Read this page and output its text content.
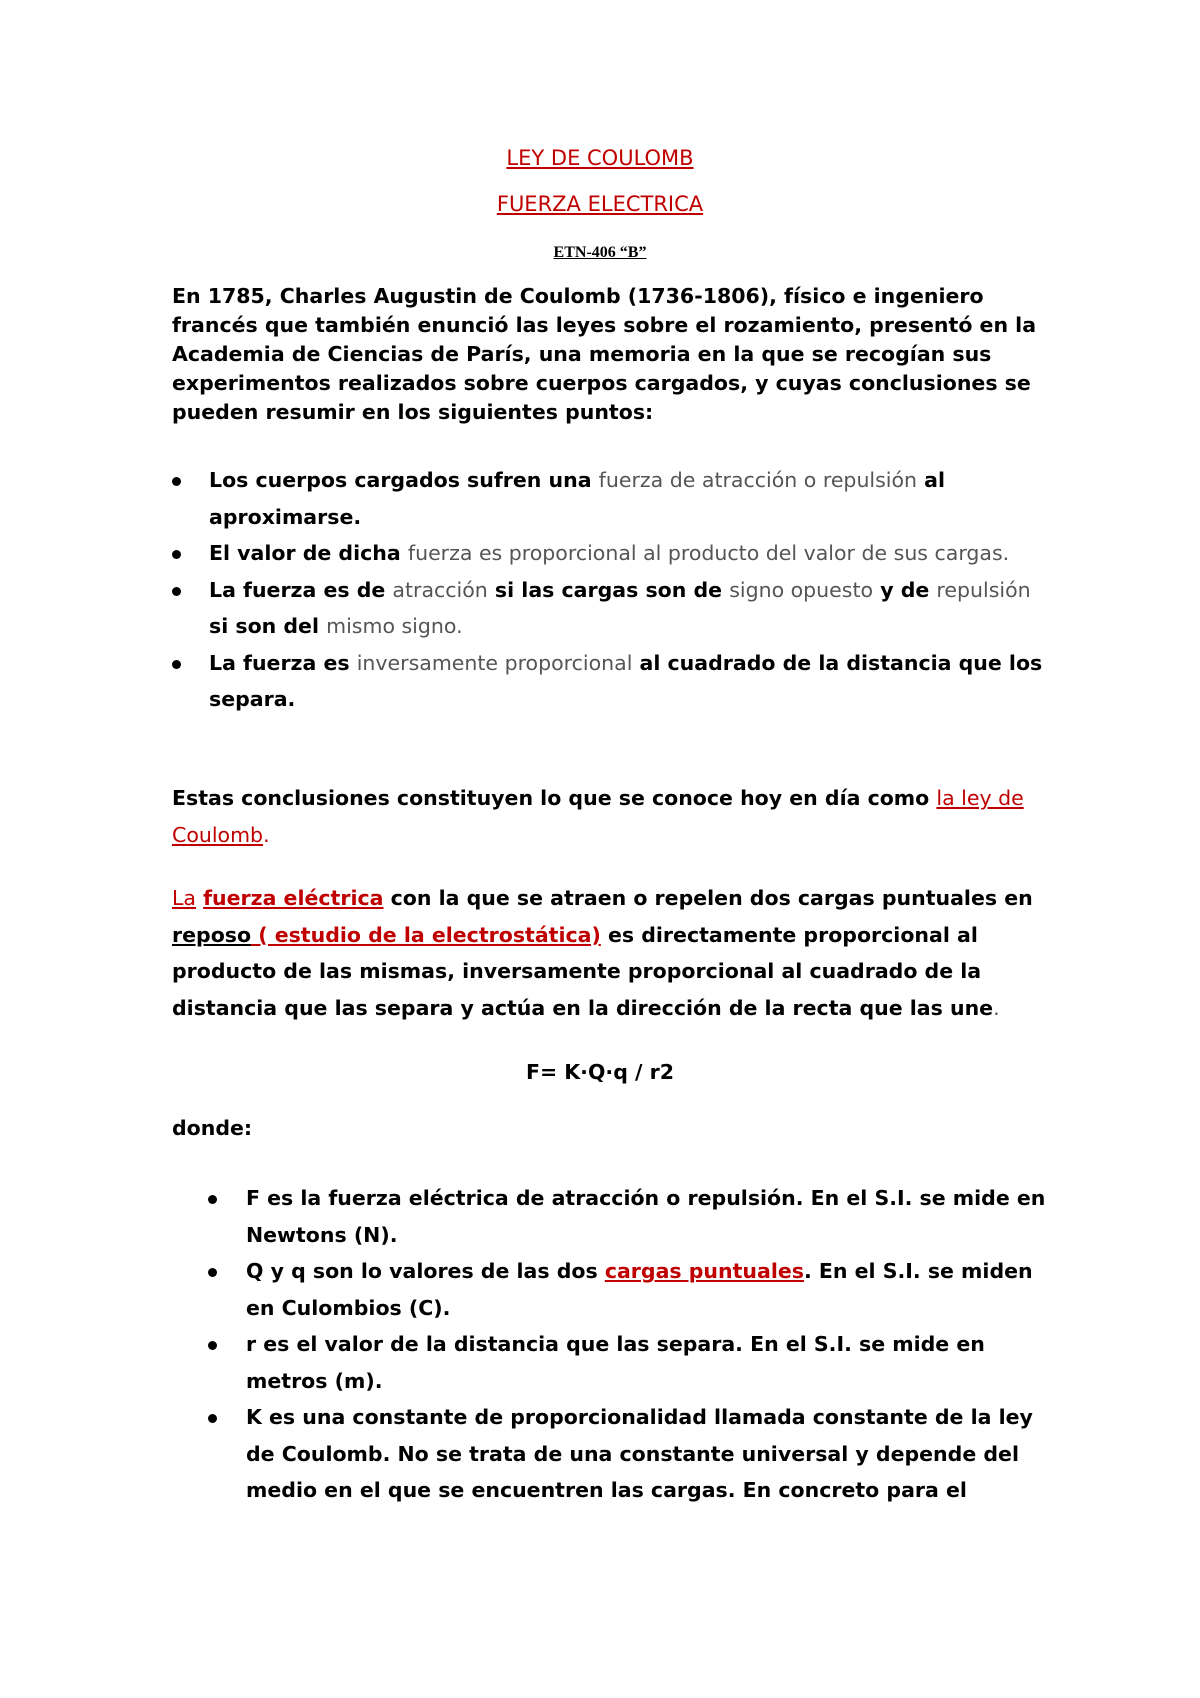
LEY DE COULOMB
FUERZA ELECTRICA
ETN-406 “B”
En 1785, Charles Augustin de Coulomb (1736-1806), físico e ingeniero francés que también enunció las leyes sobre el rozamiento, presentó en la Academia de Ciencias de París, una memoria en la que se recogían sus experimentos realizados sobre cuerpos cargados, y cuyas conclusiones se pueden resumir en los siguientes puntos:
Los cuerpos cargados sufren una fuerza de atracción o repulsión al aproximarse.
El valor de dicha fuerza es proporcional al producto del valor de sus cargas.
La fuerza es de atracción si las cargas son de signo opuesto y de repulsión si son del mismo signo.
La fuerza es inversamente proporcional al cuadrado de la distancia que los separa.
Estas conclusiones constituyen lo que se conoce hoy en día como la ley de Coulomb.
La fuerza eléctrica con la que se atraen o repelen dos cargas puntuales en reposo ( estudio de la electrostática) es directamente proporcional al producto de las mismas, inversamente proporcional al cuadrado de la distancia que las separa y actúa en la dirección de la recta que las une.
F= K·Q·q / r2
donde:
F es la fuerza eléctrica de atracción o repulsión. En el S.I. se mide en Newtons (N).
Q y q son lo valores de las dos cargas puntuales. En el S.I. se miden en Culombios (C).
r es el valor de la distancia que las separa. En el S.I. se mide en metros (m).
K es una constante de proporcionalidad llamada constante de la ley de Coulomb. No se trata de una constante universal y depende del medio en el que se encuentren las cargas. En concreto para el
